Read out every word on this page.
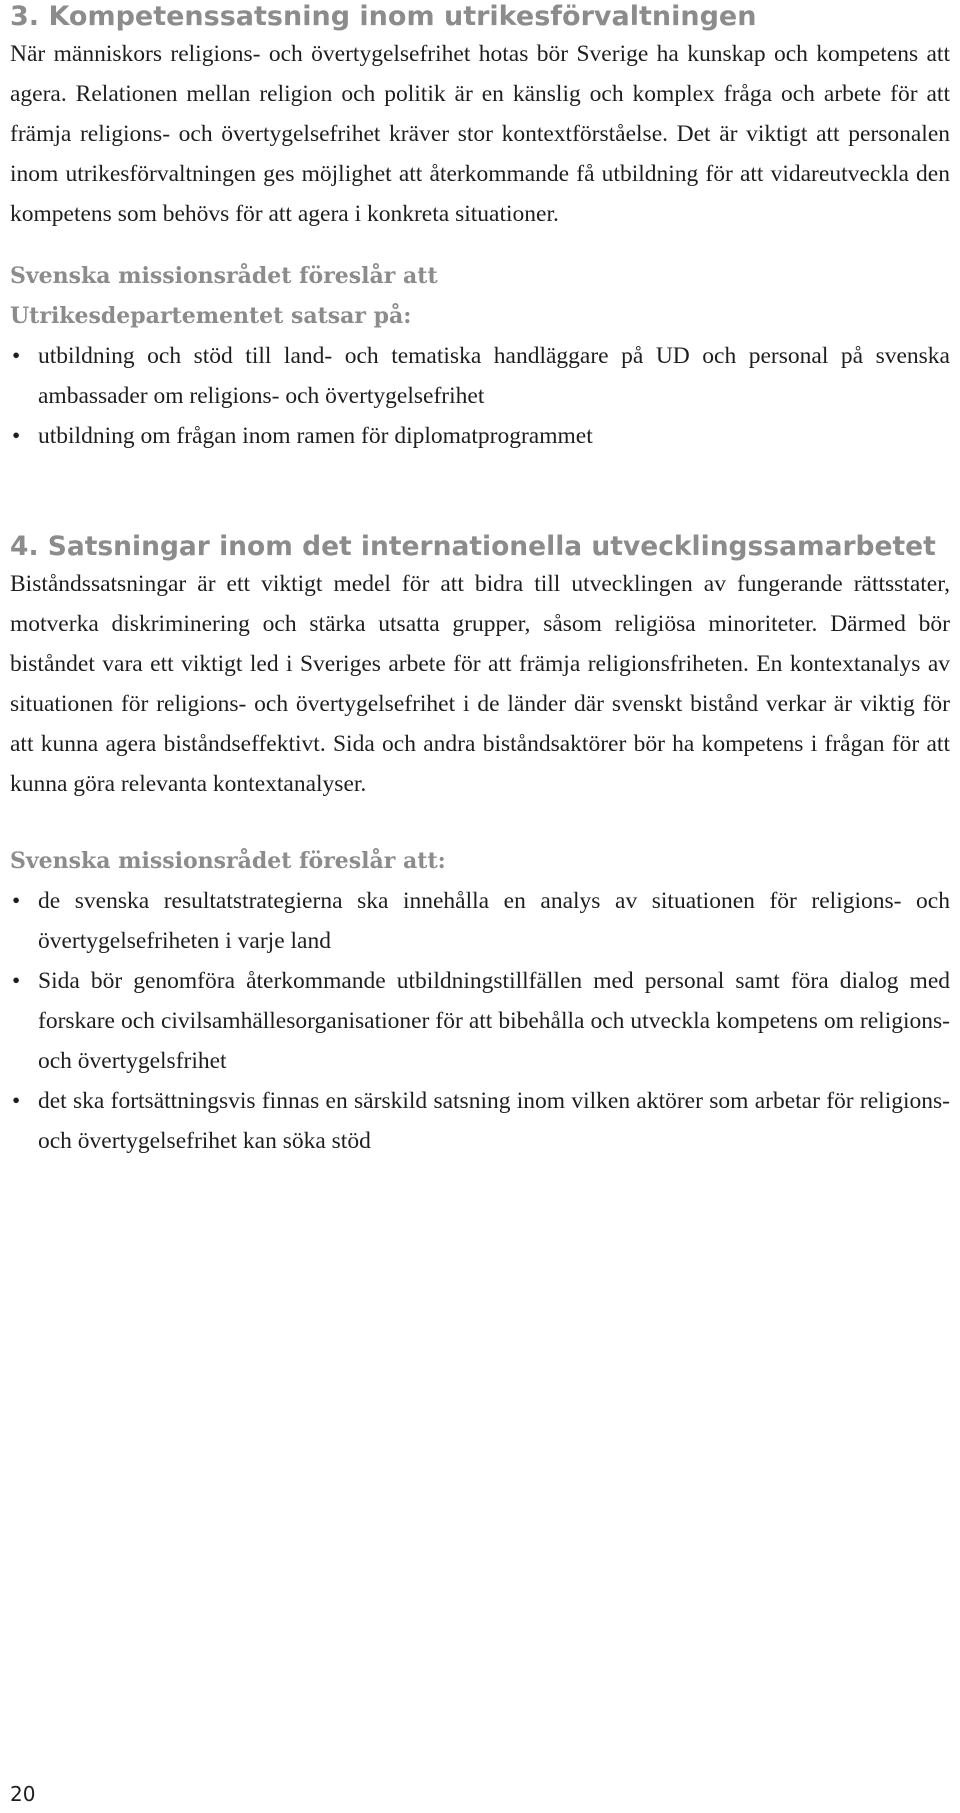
3. Kompetenssatsning inom utrikesförvaltningen

När människors religions- och övertygelsefrihet hotas bör Sverige ha kunskap och kompetens att agera. Relationen mellan religion och politik är en känslig och komplex fråga och arbete för att främja religions- och övertygelsefrihet kräver stor kontextförståelse. Det är viktigt att personalen inom utrikesförvaltningen ges möjlighet att återkommande få utbildning för att vidareutveckla den kompetens som behövs för att agera i konkreta situationer.

Svenska missionsrådet föreslår att
Utrikesdepartementet satsar på:

• utbildning och stöd till land- och tematiska handläggare på UD och personal på svenska ambassader om religions- och övertygelsefrihet
• utbildning om frågan inom ramen för diplomatprogrammet
4. Satsningar inom det internationella utvecklingssamarbetet

Biståndssatsningar är ett viktigt medel för att bidra till utvecklingen av fungerande rättsstater, motverka diskriminering och stärka utsatta grupper, såsom religiösa minoriteter. Därmed bör biståndet vara ett viktigt led i Sveriges arbete för att främja religionsfriheten. En kontextanalys av situationen för religions- och övertygelsefrihet i de länder där svenskt bistånd verkar är viktig för att kunna agera biståndseffektivt. Sida och andra biståndsaktörer bör ha kompetens i frågan för att kunna göra relevanta kontextanalyser.

Svenska missionsrådet föreslår att:

• de svenska resultatstrategierna ska innehålla en analys av situationen för religions- och övertygelsefriheten i varje land
• Sida bör genomföra återkommande utbildningstillfällen med personal samt föra dialog med forskare och civilsamhällesorganisationer för att bibehålla och utveckla kompetens om religions- och övertygelsfrihet
• det ska fortsättningsvis finnas en särskild satsning inom vilken aktörer som arbetar för religions- och övertygelsefrihet kan söka stöd
20
